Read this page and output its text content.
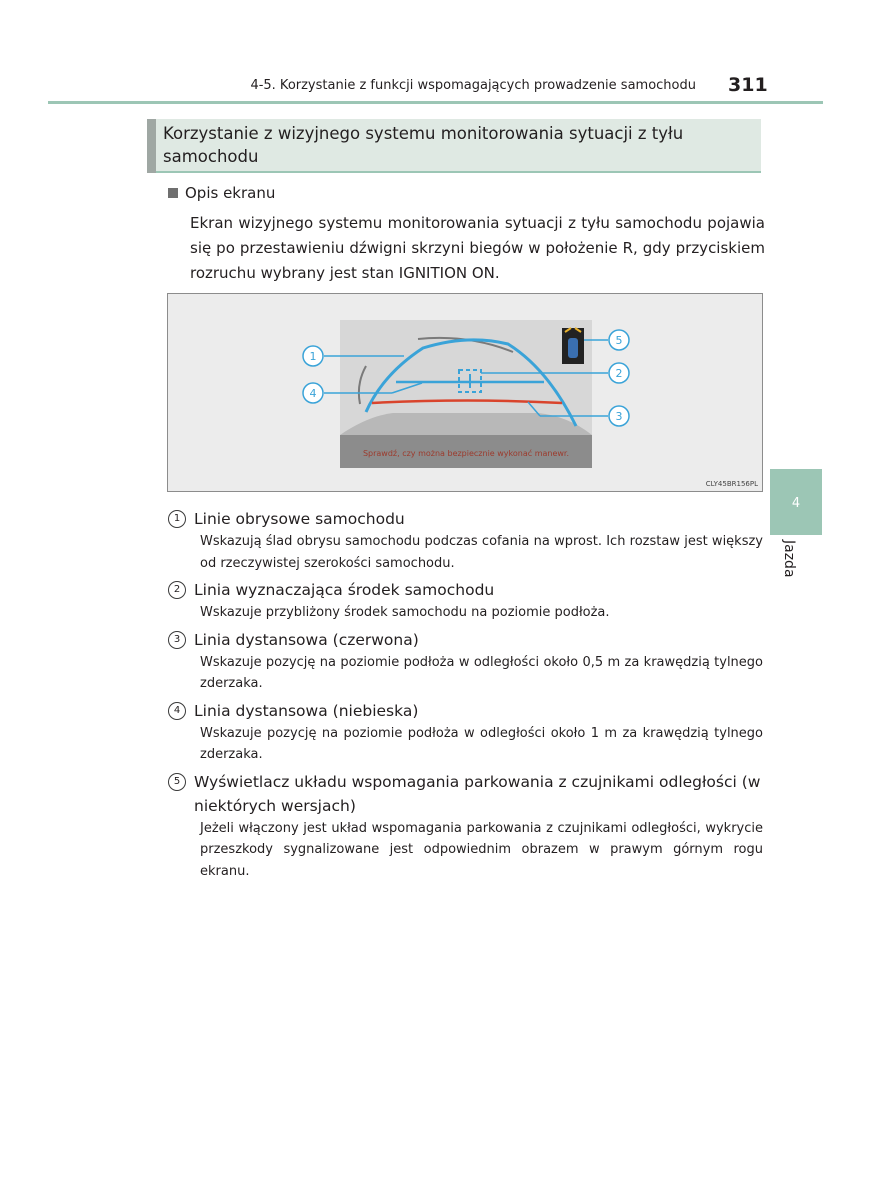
4-5. Korzystanie z funkcji wspomagających prowadzenie samochodu 311
Korzystanie z wizyjnego systemu monitorowania sytuacji z tyłu samochodu
Opis ekranu
Ekran wizyjnego systemu monitorowania sytuacji z tyłu samochodu pojawia się po przestawieniu dźwigni skrzyni biegów w położenie R, gdy przyciskiem rozruchu wybrany jest stan IGNITION ON.
Sprawdź, czy można bezpiecznie wykonać manewr.
1
4
2
3
5
CLY45BR156PL
1 Linie obrysowe samochodu
Wskazują ślad obrysu samochodu podczas cofania na wprost. Ich rozstaw jest większy od rzeczywistej szerokości samochodu.
2 Linia wyznaczająca środek samochodu
Wskazuje przybliżony środek samochodu na poziomie podłoża.
3 Linia dystansowa (czerwona)
Wskazuje pozycję na poziomie podłoża w odległości około 0,5 m za krawędzią tylnego zderzaka.
4 Linia dystansowa (niebieska)
Wskazuje pozycję na poziomie podłoża w odległości około 1 m za krawędzią tylnego zderzaka.
5 Wyświetlacz układu wspomagania parkowania z czujnikami odległości (w niektórych wersjach)
Jeżeli włączony jest układ wspomagania parkowania z czujnikami odległości, wykrycie przeszkody sygnalizowane jest odpowiednim obrazem w prawym górnym rogu ekranu.
4
Jazda
